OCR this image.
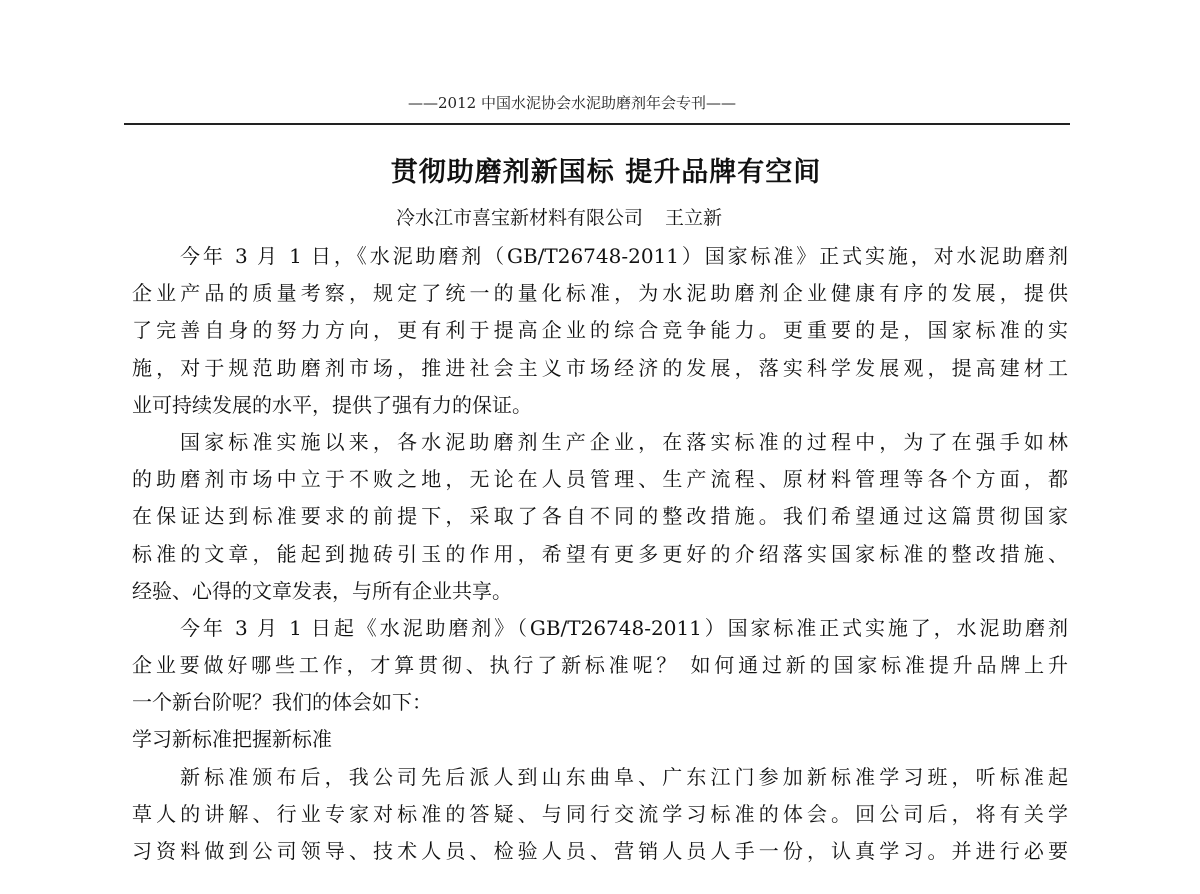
——2012 中国水泥协会水泥助磨剂年会专刊——
贯彻助磨剂新国标 提升品牌有空间
冷水江市喜宝新材料有限公司 王立新
今年 3 月 1 日，《水泥助磨剂（GB/T26748-2011）国家标准》正式实施，对水泥助磨剂
企业产品的质量考察，规定了统一的量化标准，为水泥助磨剂企业健康有序的发展，提供
了完善自身的努力方向，更有利于提高企业的综合竞争能力。更重要的是，国家标准的实
施，对于规范助磨剂市场，推进社会主义市场经济的发展，落实科学发展观，提高建材工
业可持续发展的水平，提供了强有力的保证。
国家标准实施以来，各水泥助磨剂生产企业，在落实标准的过程中，为了在强手如林
的助磨剂市场中立于不败之地，无论在人员管理、生产流程、原材料管理等各个方面，都
在保证达到标准要求的前提下，采取了各自不同的整改措施。我们希望通过这篇贯彻国家
标准的文章，能起到抛砖引玉的作用，希望有更多更好的介绍落实国家标准的整改措施、
经验、心得的文章发表，与所有企业共享。
今年 3 月 1 日起《水泥助磨剂》（GB/T26748-2011）国家标准正式实施了，水泥助磨剂
企业要做好哪些工作，才算贯彻、执行了新标准呢？ 如何通过新的国家标准提升品牌上升
一个新台阶呢？我们的体会如下：
学习新标准把握新标准
新标准颁布后，我公司先后派人到山东曲阜、广东江门参加新标准学习班，听标准起
草人的讲解、行业专家对标准的答疑、与同行交流学习标准的体会。回公司后，将有关学
习资料做到公司领导、技术人员、检验人员、营销人员人手一份，认真学习。并进行必要
